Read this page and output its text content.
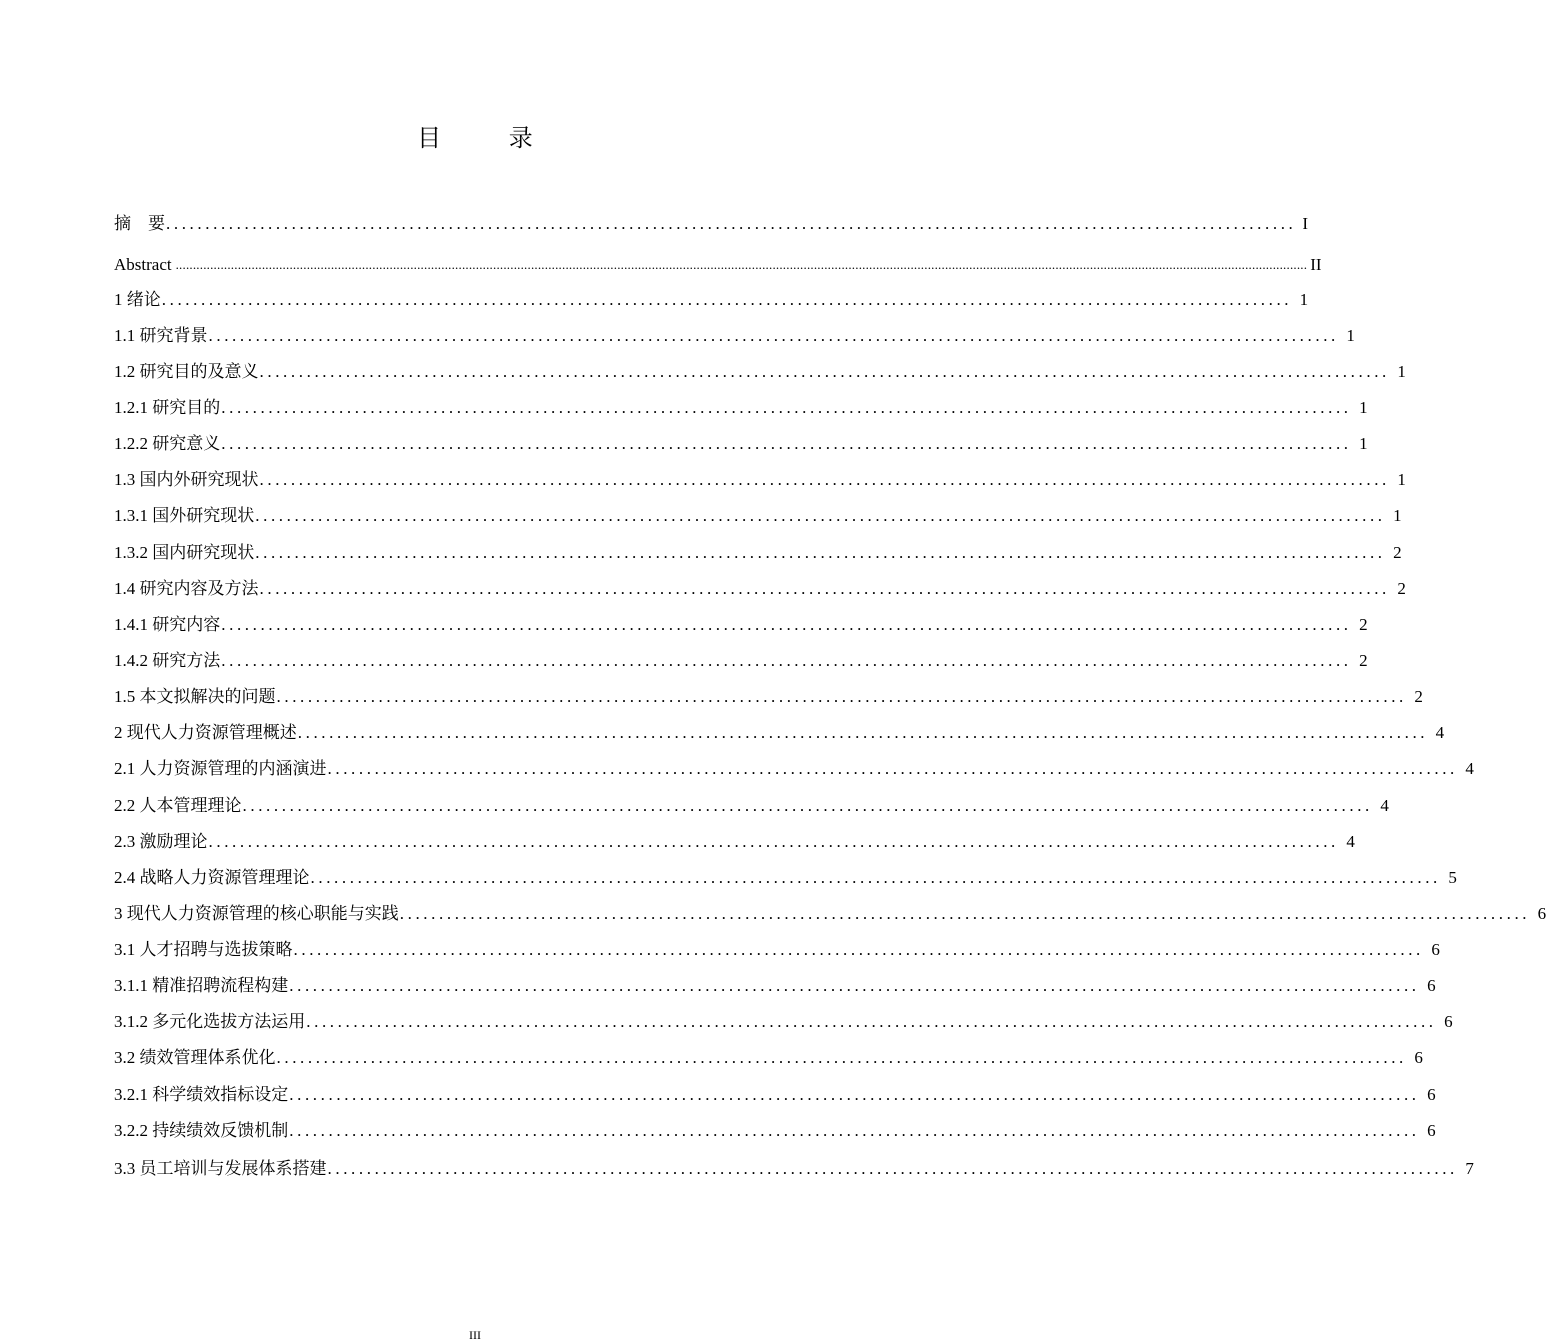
目 录
摘　要 ................................................................................................................................................ I
Abstract ........................................................................................................................................................................................................................................................................................................................................ II
1 绪论 ................................................................................................................................................ 1
1.1 研究背景 ................................................................................................................................................ 1
1.2 研究目的及意义 ................................................................................................................................................ 1
1.2.1 研究目的 ................................................................................................................................................ 1
1.2.2 研究意义 ................................................................................................................................................ 1
1.3 国内外研究现状 ................................................................................................................................................ 1
1.3.1 国外研究现状 ................................................................................................................................................ 1
1.3.2 国内研究现状 ................................................................................................................................................ 2
1.4 研究内容及方法 ................................................................................................................................................ 2
1.4.1 研究内容 ................................................................................................................................................ 2
1.4.2 研究方法 ................................................................................................................................................ 2
1.5 本文拟解决的问题 ................................................................................................................................................ 2
2 现代人力资源管理概述 ................................................................................................................................................ 4
2.1 人力资源管理的内涵演进 ................................................................................................................................................ 4
2.2 人本管理理论 ................................................................................................................................................ 4
2.3 激励理论 ................................................................................................................................................ 4
2.4 战略人力资源管理理论 ................................................................................................................................................ 5
3 现代人力资源管理的核心职能与实践 ................................................................................................................................................ 6
3.1 人才招聘与选拔策略 ................................................................................................................................................ 6
3.1.1 精准招聘流程构建 ................................................................................................................................................ 6
3.1.2 多元化选拔方法运用 ................................................................................................................................................ 6
3.2 绩效管理体系优化 ................................................................................................................................................ 6
3.2.1 科学绩效指标设定 ................................................................................................................................................ 6
3.2.2 持续绩效反馈机制 ................................................................................................................................................ 6
3.3 员工培训与发展体系搭建 ................................................................................................................................................ 7
III
